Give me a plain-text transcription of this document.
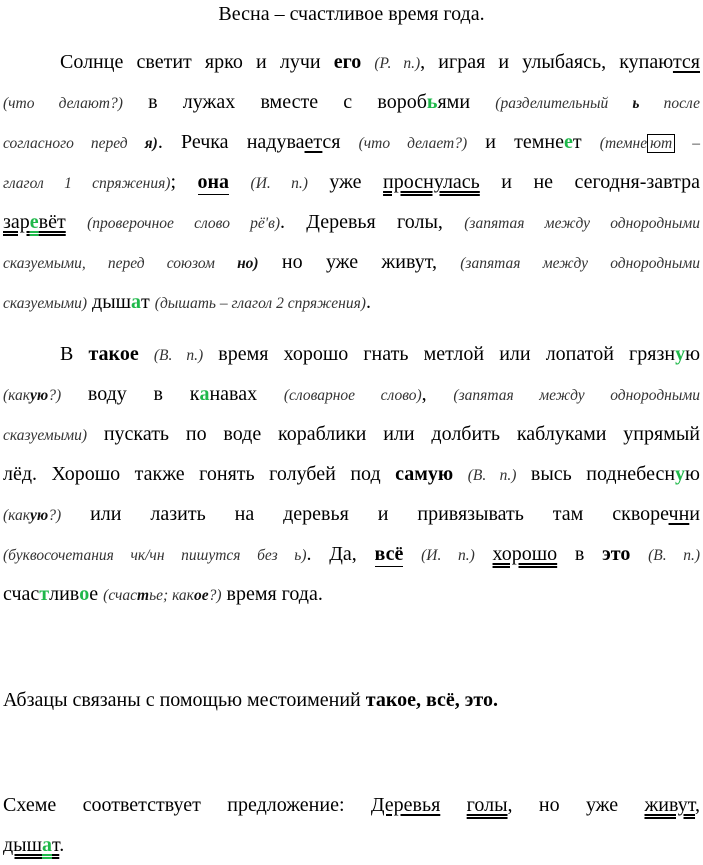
Весна – счастливое время года.
Солнце светит ярко и лучи его (Р. п.), играя и улыбаясь, купаются
(что делают?) в лужах вместе с воробьями (разделительный ь после
согласного перед я). Речка надувается (что делает?) и темнеет (темне ют –
глагол 1 спряжения); она (И. п.) уже проснулась и не сегодня-завтра
заревёт (проверочное слово рё'в). Деревья голы, (запятая между однородными
сказуемыми, перед союзом но) но уже живут, (запятая между однородными
сказуемыми) дышат (дышать – глагол 2 спряжения).
В такое (В. п.) время хорошо гнать метлой или лопатой грязную
(какую?) воду в канавах (словарное слово), (запятая между однородными
сказуемыми) пускать по воде кораблики или долбить каблуками упрямый
лёд. Хорошо также гонять голубей под самую (В. п.) высь поднебесную
(какую?) или лазить на деревья и привязывать там скворечни
(буквосочетания чк/чн пишутся без ь). Да, всё (И. п.) хорошо в это (В. п.)
счастливое (счастье; какое?) время года.
Абзацы связаны с помощью местоимений такое, всё, это.
Схеме соответствует предложение: Деревья голы, но уже живут,
дышат.
